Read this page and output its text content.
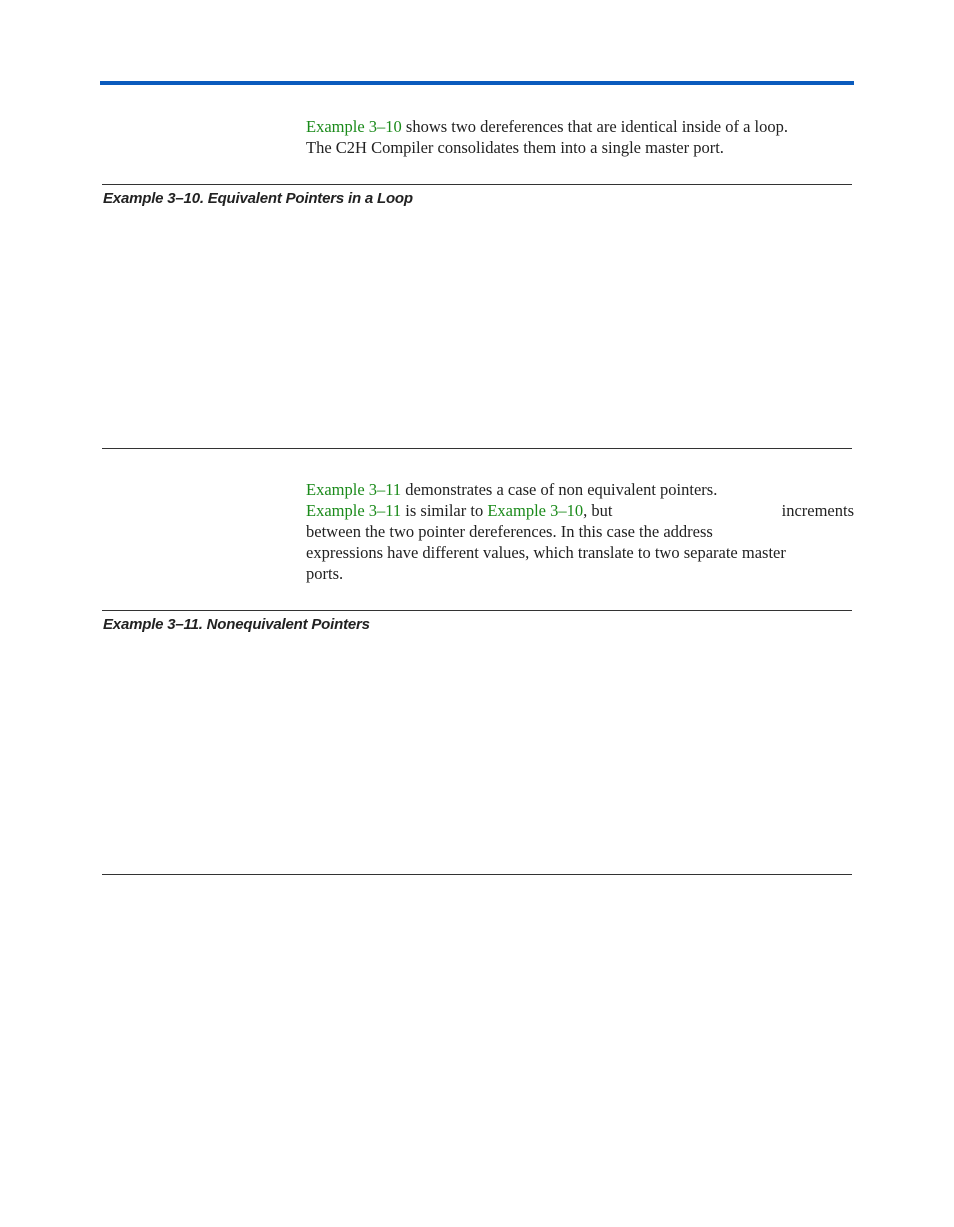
Example 3–10 shows two dereferences that are identical inside of a loop.
The C2H Compiler consolidates them into a single master port.
Example 3–10. Equivalent Pointers in a Loop
Example 3–11 demonstrates a case of non equivalent pointers.
Example 3–11 is similar to Example 3–10, but	increments
between the two pointer dereferences. In this case the address
expressions have different values, which translate to two separate master
ports.
Example 3–11. Nonequivalent Pointers
